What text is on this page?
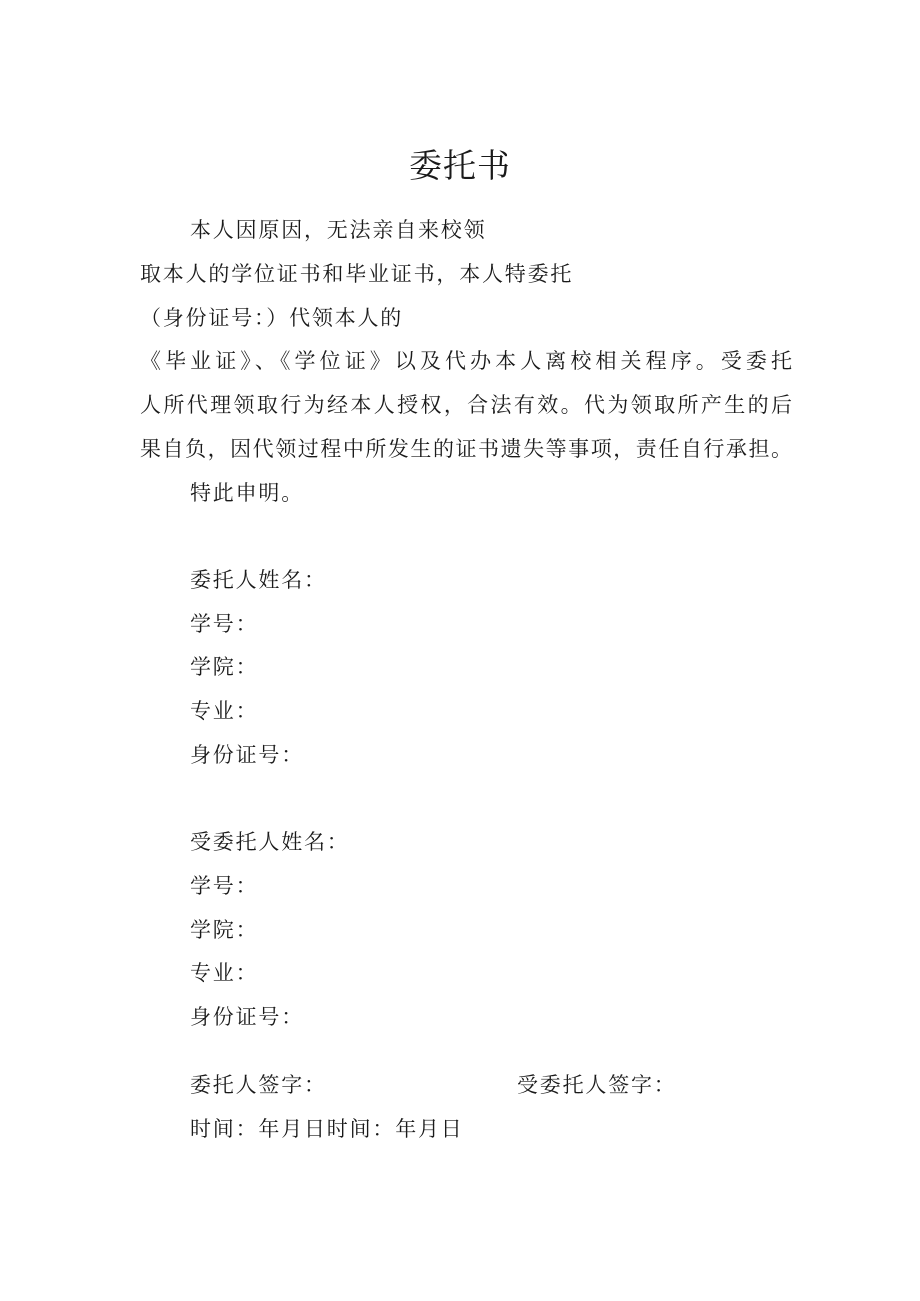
委托书
本人因原因，无法亲自来校领
取本人的学位证书和毕业证书，本人特委托
（身份证号：）代领本人的
《毕业证》、《学位证》以及代办本人离校相关程序。受委托
人所代理领取行为经本人授权，合法有效。代为领取所产生的后
果自负，因代领过程中所发生的证书遗失等事项，责任自行承担。
特此申明。
委托人姓名：
学号：
学院：
专业：
身份证号：
受委托人姓名：
学号：
学院：
专业：
身份证号：
委托人签字：	受委托人签字：
时间：年月日时间：年月日
